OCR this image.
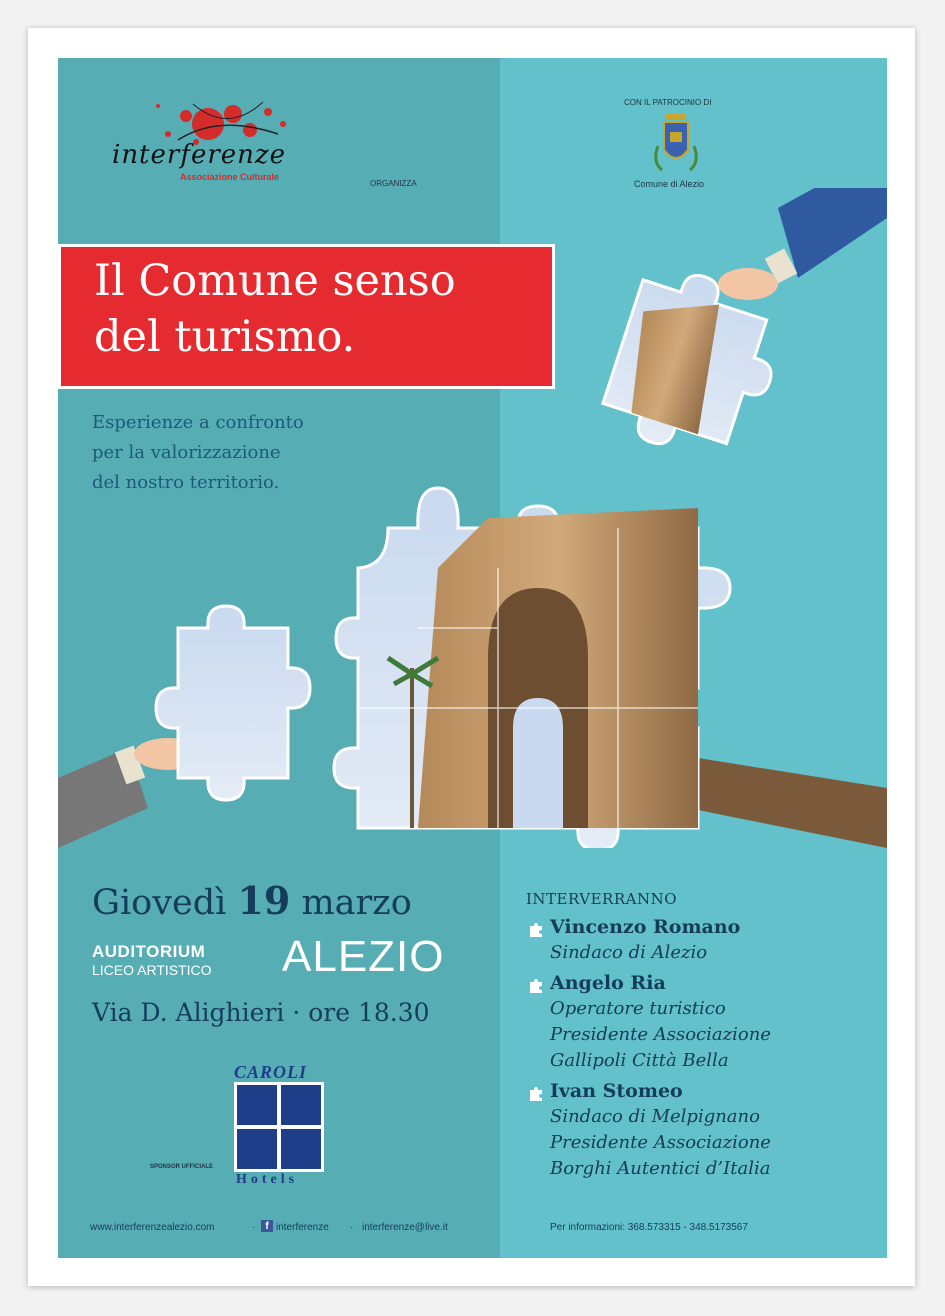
interferenze
Associazione Culturale
ORGANIZZA
CON IL PATROCINIO DI
Comune di Alezio
Il Comune senso
del turismo.
Esperienze a confronto
per la valorizzazione
del nostro territorio.
Giovedì 19 marzo
AUDITORIUM
LICEO ARTISTICO ALEZIO
Via D. Alighieri · ore 18.30
SPONSOR UFFICIALE
CAROLI
Hotels
INTERVERRANNO
Vincenzo Romano
Sindaco di Alezio
Angelo Ria
Operatore turistico
Presidente Associazione
Gallipoli Città Bella
Ivan Stomeo
Sindaco di Melpignano
Presidente Associazione
Borghi Autentici d’Italia
www.interferenzealezio.com	· f interferenze · interferenze@live.it	Per informazioni: 368.573315 - 348.5173567
